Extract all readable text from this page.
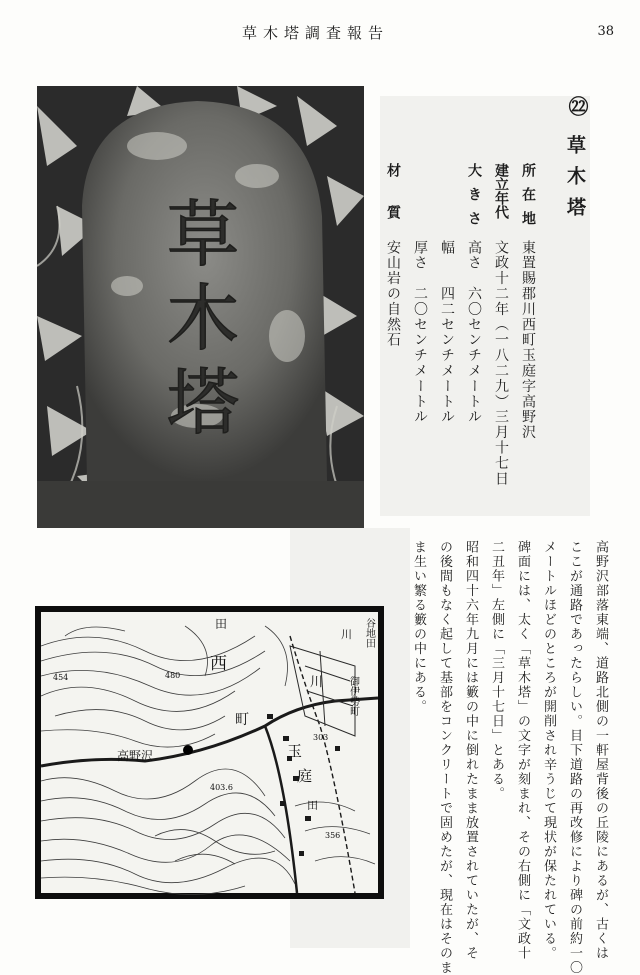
草木塔調査報告	38
草木塔
㉒
草木塔
所在地
東置賜郡川西町玉庭字高野沢
建立年代
文政十二年（一八二九）三月十七日
大きさ
高さ　六〇センチメートル
幅　　四二センチメートル
厚さ　二〇センチメートル
材質
安山岩の自然石
高野沢部落東端、道路北側の一軒屋背後の丘陵にあるが、古くは
ここが通路であったらしい。目下道路の再改修により碑の前約一〇
メートルほどのところが開削され辛うじて現状が保たれている。
碑面には、太く「草木塔」の文字が刻まれ、その右側に「文政十
二丑年」左側に「三月十七日」とある。
昭和四十六年九月には籔の中に倒れたまま放置されていたが、そ
の後間もなく起して基部をコンクリートで固めたが、現在はそのま
ま生い繁る籔の中にある。
西
町
高野沢	玉
庭
田
田
川
川
御伊勢町
谷地田
454	480
303
403.6
356
